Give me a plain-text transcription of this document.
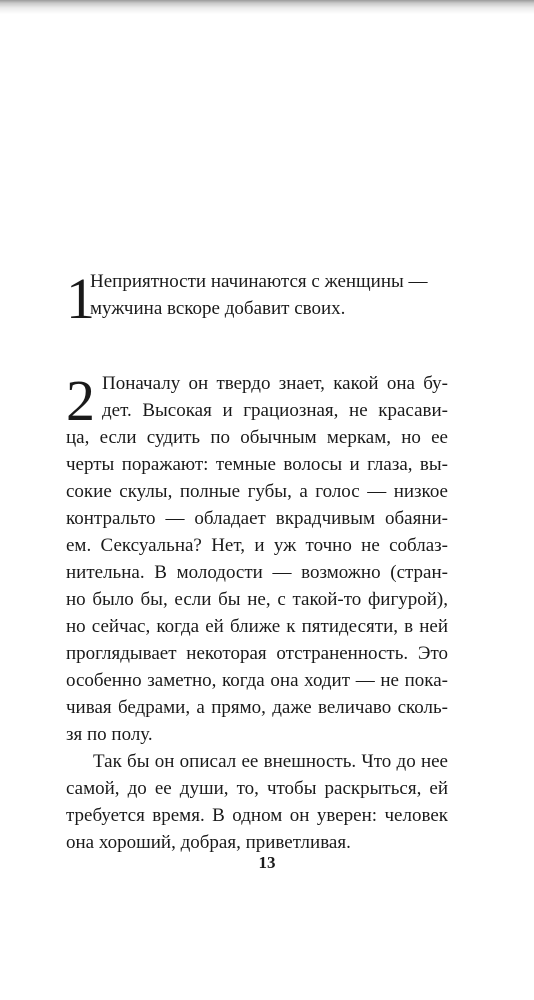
1
Неприятности начинаются с женщины —
мужчина вскоре добавит своих.
2 Поначалу он твердо знает, какой она бу-
дет. Высокая и грациозная, не красави-
ца, если судить по обычным меркам, но ее
черты поражают: темные волосы и глаза, вы-
сокие скулы, полные губы, а голос — низкое
контральто — обладает вкрадчивым обаяни-
ем. Сексуальна? Нет, и уж точно не соблаз-
нительна. В молодости — возможно (стран-
но было бы, если бы не, с такой-то фигурой),
но сейчас, когда ей ближе к пятидесяти, в ней
проглядывает некоторая отстраненность. Это
особенно заметно, когда она ходит — не пока-
чивая бедрами, а прямо, даже величаво сколь-
зя по полу.
Так бы он описал ее внешность. Что до нее
самой, до ее души, то, чтобы раскрыться, ей
требуется время. В одном он уверен: человек
она хороший, добрая, приветливая.
13
